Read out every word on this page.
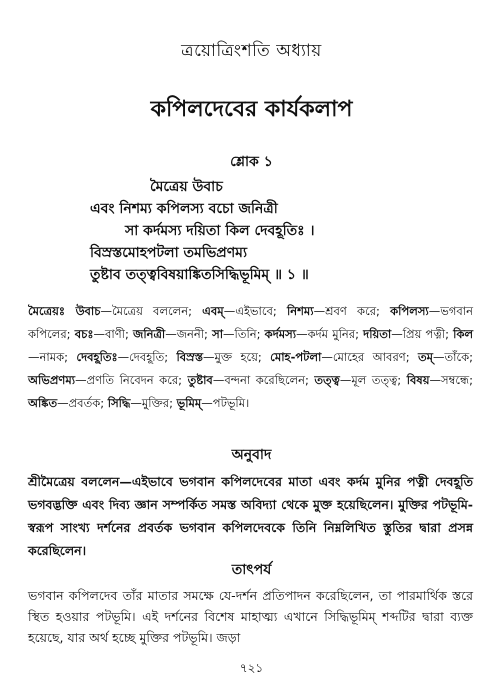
ত্রয়োত্রিংশতি অধ্যায়
কপিলদেবের কার্যকলাপ
শ্লোক ১
মৈত্রেয় উবাচ
এবং নিশম্য কপিলস্য বচো জনিত্রী
সা কর্দমস্য দয়িতা কিল দেবহূতিঃ ।
বিস্রস্তমোহপটলা তমভিপ্রণম্য
তুষ্টাব তত্ত্ববিষয়াঙ্কিতসিদ্ধিভূমিম্ ॥ ১ ॥
মৈত্রেয়ঃ উবাচ—মৈত্রেয় বললেন; এবম্—এইভাবে; নিশম্য—শ্রবণ করে; কপিলস্য—ভগবান কপিলের; বচঃ—বাণী; জনিত্রী—জননী; সা—তিনি; কর্দমস্য—কর্দম মুনির; দয়িতা—প্রিয় পত্নী; কিল—নামক; দেবহূতিঃ—দেবহূতি; বিস্রস্ত—মুক্ত হয়ে; মোহ-পটলা—মোহের আবরণ; তম্—তাঁকে; অভিপ্রণম্য—প্রণতি নিবেদন করে; তুষ্টাব—বন্দনা করেছিলেন; তত্ত্ব—মূল তত্ত্ব; বিষয়—সম্বন্ধে; অঙ্কিত—প্রবর্তক; সিদ্ধি—মুক্তির; ভূমিম্—পটভূমি।
অনুবাদ
শ্রীমৈত্রেয় বললেন—এইভাবে ভগবান কপিলদেবের মাতা এবং কর্দম মুনির পত্নী দেবহূতি ভগবদ্ভক্তি এবং দিব্য জ্ঞান সম্পর্কিত সমস্ত অবিদ্যা থেকে মুক্ত হয়েছিলেন। মুক্তির পটভূমি-স্বরূপ সাংখ্য দর্শনের প্রবর্তক ভগবান কপিলদেবকে তিনি নিম্নলিখিত স্তুতির দ্বারা প্রসন্ন করেছিলেন।
তাৎপর্য
ভগবান কপিলদেব তাঁর মাতার সমক্ষে যে-দর্শন প্রতিপাদন করেছিলেন, তা পারমার্থিক স্তরে স্থিত হওয়ার পটভূমি। এই দর্শনের বিশেষ মাহাত্ম্য এখানে সিদ্ধিভূমিম্ শব্দটির দ্বারা ব্যক্ত হয়েছে, যার অর্থ হচ্ছে মুক্তির পটভূমি। জড়া
৭২১
